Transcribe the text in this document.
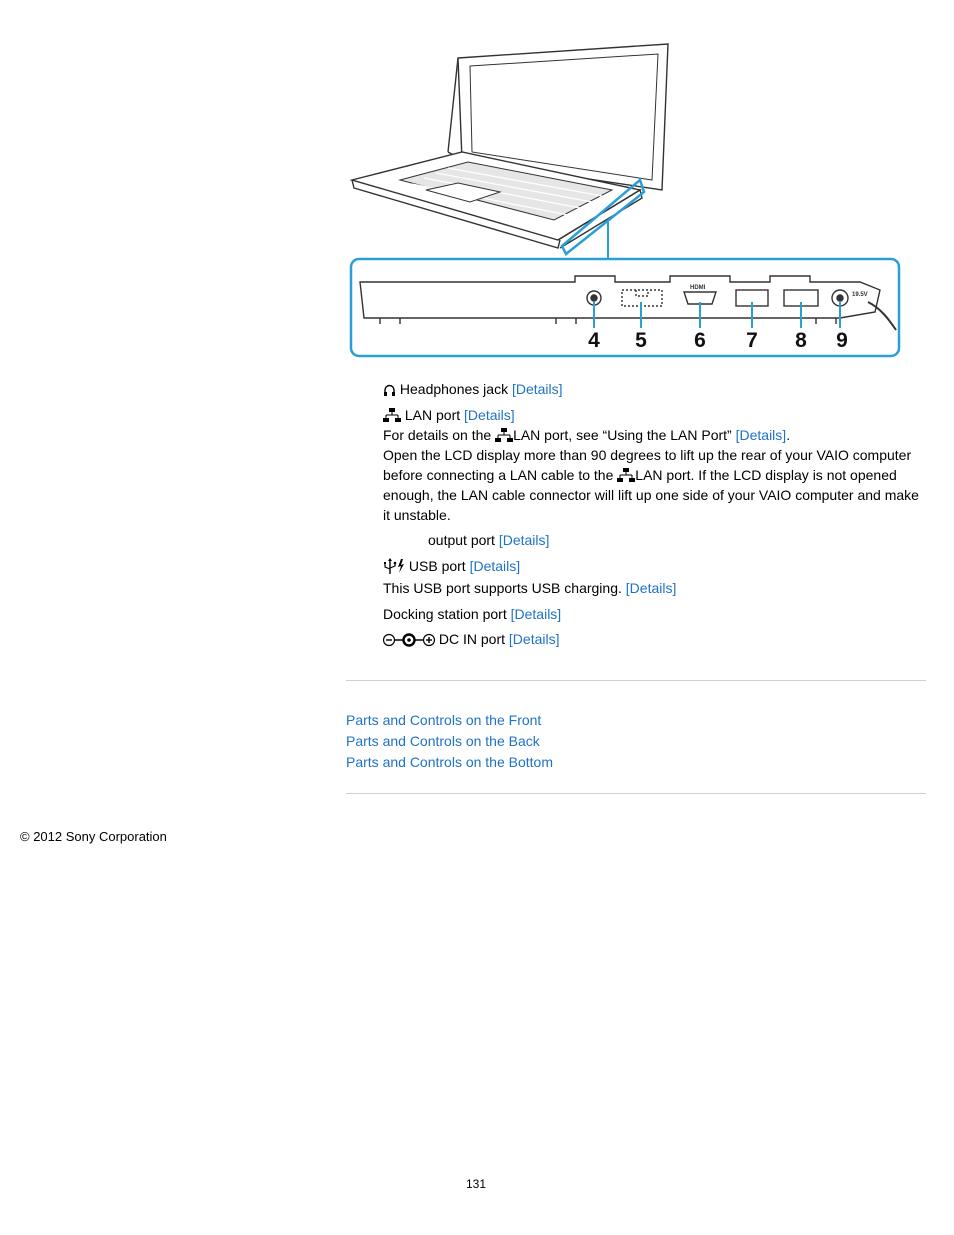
HDMI
19.5V
4 5 6 7 8 9
Headphones jack [Details]
LAN port [Details]
For details on the LAN port, see “Using the LAN Port” [Details].
Open the LCD display more than 90 degrees to lift up the rear of your VAIO computer
before connecting a LAN cable to the LAN port. If the LCD display is not opened
enough, the LAN cable connector will lift up one side of your VAIO computer and make
it unstable.
output port [Details]
USB port [Details]
This USB port supports USB charging. [Details]
Docking station port [Details]
DC IN port [Details]
Parts and Controls on the Front
Parts and Controls on the Back
Parts and Controls on the Bottom
© 2012 Sony Corporation
131
